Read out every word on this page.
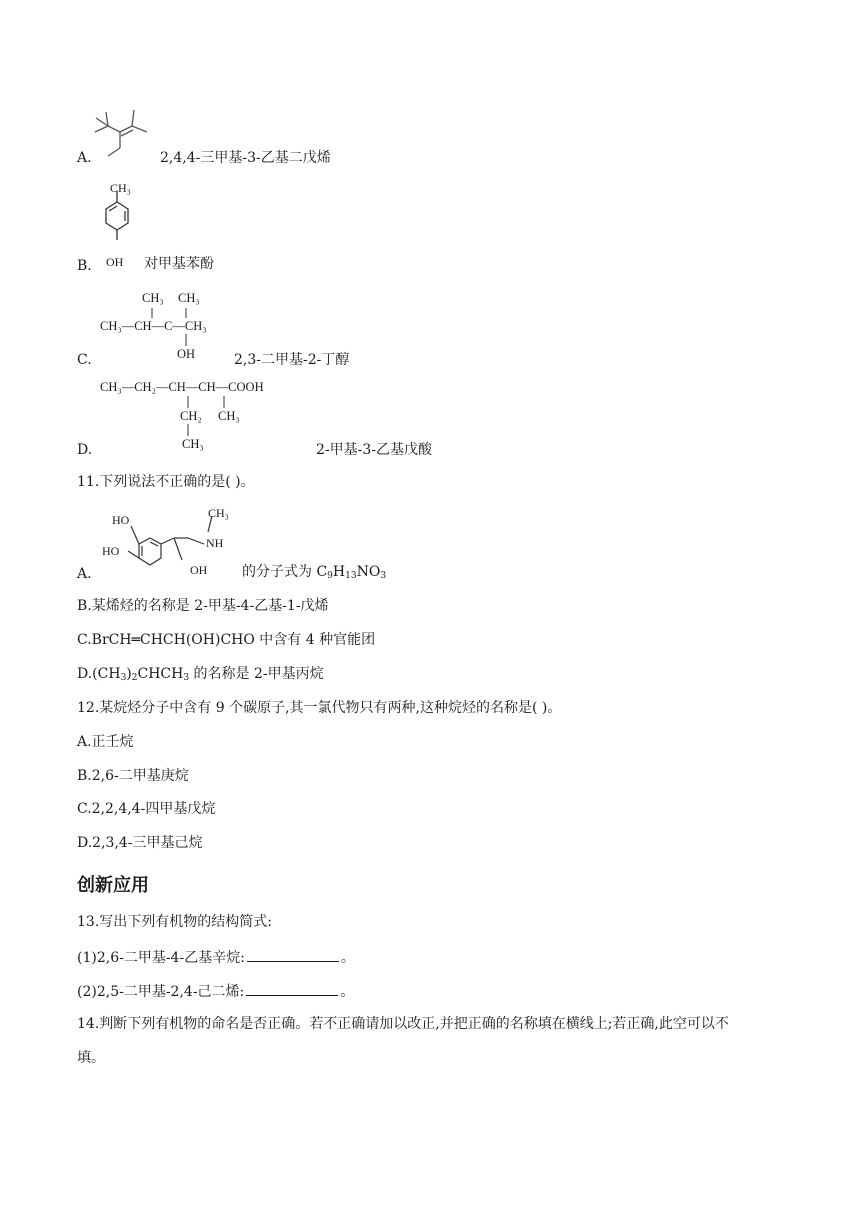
A.	2,4,4-三甲基-3-乙基二戊烯
CH₃
OH
B.	对甲基苯酚
CH₃ CH₃
CH₃—CH—C—CH₃
OH
C.	2,3-二甲基-2-丁醇
CH₃—CH₂—CH—CH—COOH
CH₂ CH₃
CH₃
D.	2-甲基-3-乙基戊酸
11.下列说法不正确的是( )。
HO
HO
NH
CH₃
OH
A.	的分子式为 $C_9H_{13}NO_3$
B.某烯烃的名称是 2-甲基-4-乙基-1-戊烯
C.BrCH═CHCH(OH)CHO 中含有 4 种官能团
$D.(CH_3)_2CHCH_3$ 的名称是 2-甲基丙烷
12.某烷烃分子中含有 9 个碳原子,其一氯代物只有两种,这种烷烃的名称是( )。
A.正壬烷
B.2,6-二甲基庚烷
C.2,2,4,4-四甲基戊烷
D.2,3,4-三甲基己烷
创新应用
13.写出下列有机物的结构简式:
(1)2,6-二甲基-4-乙基辛烷:	。
(2)2,5-二甲基-2,4-己二烯:	。
14.判断下列有机物的命名是否正确。若不正确请加以改正,并把正确的名称填在横线上;若正确,此空可以不
填。
